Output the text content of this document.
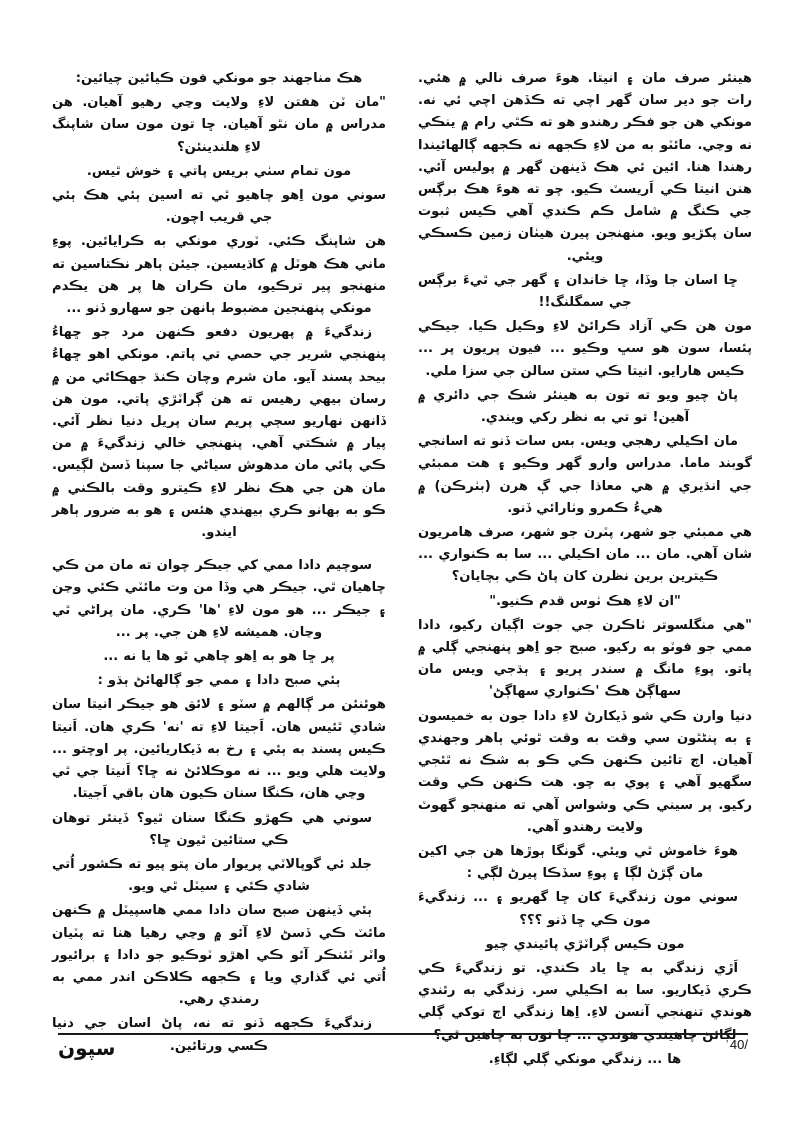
هڪ مناجهند جو مونکي فون ڪيائين چيائين:

"مان ٽن هفتن لاءِ ولايت وڃي رهيو آهيان. هن مدراس ۾ مان نٿو آهيان. ڇا تون مون سان شاپنگ لاءِ هلندينئن؟

مون تمام سٺي بريس پاتي ۽ خوش ٿيس.

سوني مون اِهو چاهيو ٿي ته اسين ٻئي هڪ ٻئي جي قريب اچون.

هن شاپنگ ڪئي. ٽوري مونکي به ڪرايائين. پوءِ ماني هڪ هوٽل ۾ کاڌيسين. جيئن ٻاهر نڪتاسين ته منهنجو پير ترڪيو، مان ڪران ها پر هن يڪدم مونکي پنهنجين مضبوط ٻانهن جو سهارو ڏنو ...

زندگيءَ ۾ پهريون دفعو ڪنهن مرد جو ڇهاءُ پنهنجي شرير جي حصي تي پاتم. مونکي اهو ڇهاءُ بيحد پسند آيو. مان شرم وچان ڪنڌ جهڪائي من ۾ رسان بيهي رهيس ته هن ڳراٽڙي پاتي. مون هن ڏانهن نهاريو سڄي پريم سان پريل دنيا نظر آئي. پيار ۾ شڪتي آهي. پنهنجي خالي زندگيءَ ۾ من ڪي پائي مان مدهوش سياڻي جا سپنا ڏسڻ لڳيس. مان هن جي هڪ نظر لاءِ ڪيترو وقت بالڪني ۾ ڪو به بهانو ڪري بيهندي هئس ۽ هو به ضرور ٻاهر ايندو.

سوچيم دادا ممي کي جيڪر چوان ته مان من ڪي چاهيان ٿي. جيڪر هي وڏا من وت مائٽي ڪئي وڃن ۽ جيڪر ... هو مون لاءِ 'ها' ڪري. مان پراڻي ٿي وڃان. هميشه لاءِ هن جي. پر ...

پر ڇا هو به اِهو چاهي ٿو ها يا نه ...

ٻئي صبح دادا ۽ ممي جو ڳالهائڻ ٻڌو :

هوئنئن مر ڳالهم ۾ سٽو ۽ لائق هو جيڪر انيتا سان شادي ٿئيس هان. اَجيتا لاءِ ته 'نه' ڪري هان. اَنيتا ڪيس پسند به ٻئي ۽ رخ به ڏيکاريائين. پر اوچتو ... ولايت هلي ويو ... نه موڪلائڻ نه ڇا؟ اَنيتا جي ٿي وڃي هان، ڪنگا سنان ڪيون هان باقي اَجيتا.

سوني هي ڪهڙو ڪنگا سنان ٿيو؟ ڏينئر توهان ڪي ستائين ٿيون ڇا؟

جلد ئي گوپالاٽي پريوار مان پتو پيو ته ڪشور اُتي شادي ڪئي ۽ سيٽل ٿي ويو.

ٻئي ڏينهن صبح سان دادا ممي هاسپيٽل ۾ ڪنهن مائٽ ڪي ڏسڻ لاءِ آئو ۾ وڃي رهيا هنا ته پٽيان واٽر ٽئنڪر آئو ڪي اهڙو ٽوڪيو جو دادا ۽ برائيور اُتي ئي گذاري ويا ۽ ڪجهه ڪلاڪن اندر ممي به رمندي رهي.

زندگيءَ ڪجهه ڏنو ته نه، پاڻ اسان جي دنيا ڪسي ورتائين.

هينئر صرف مان ۽ انيتا. هوءَ صرف نالي ۾ هئي. رات جو دير سان گهر اچي ته ڪڏهن اچي ئي نه. مونکي هن جو فڪر رهندو هو ته ڪٿي رام ۾ ينڪي نه وڃي. مائٽو به من لاءِ ڪجهه نه ڪجهه ڳالهائيندا رهندا هنا. ائين ئي هڪ ڏينهن گهر ۾ پوليس آئي. هنن انيتا ڪي اَريسٽ ڪيو. چو ته هوءَ هڪ برڳس جي ڪنگ ۾ شامل ڪم ڪندي آهي ڪيس ثبوت سان پکڙيو ويو. منهنجن پيرن هيٺان زمين ڪسڪي ويئي.

ڇا اسان جا وڏا، ڇا خاندان ۽ گهر جي ٿيءَ برڳس جي سمگلنگ!!

مون هن ڪي آزاد ڪرائڻ لاءِ وڪيل ڪيا. جيڪي پئسا، سون هو سڀ وڪيو ... فيون پريون پر ... ڪيس هارايو. انيتا ڪي ستن سالن جي سزا ملي.

پاڻ چيو ويو ته تون به هينئر شڪ جي دائري ۾ آهين! تو تي به نظر رکي ويندي.

مان اڪيلي رهجي ويس. بس سات ڏنو ته اسانجي گوبند ماما. مدراس وارو گهر وڪيو ۽ هت ممبئي جي انڌيري ۾ هي معاذا جي ڳ هرن (بٺرڪن) ۾ هيءُ ڪمرو وٺارائي ڏنو.

هي ممبئي جو شهر، پٽرن جو شهر، صرف هامريون شان آهي. مان ... مان اڪيلي ... سا به ڪنواري ... ڪيترين برين نظرن کان پاڻ ڪي بچايان؟

"ان لاءِ هڪ ٺوس قدم ڪنيو."

"هي منگلسوتر ٺاڪرن جي جوت اڳيان رکيو، دادا ممي جو فوٽو به رکيو. صبح جو اِهو پنهنجي ڳلي ۾ پاتو. پوءِ مانگ ۾ سندر پريو ۽ ٻڌجي ويس مان سهاڳڻ هڪ 'ڪنواري سهاڳڻ'

دنيا وارن ڪي شو ڏيکارڻ لاءِ دادا جون به خميسون ۽ به پنڻٿون سي وقت به وقت ٿوئي ٻاهر وجهندي آهيان. اڄ تائين ڪنهن ڪي ڪو به شڪ نه ٿئجي سگهيو آهي ۽ پوي به چو. هت ڪنهن ڪي وقت رکيو. پر سيني ڪي وشواس آهي ته منهنجو گهوٽ ولايت رهندو آهي.

هوءَ خاموش ٿي ويئي. گونگا ٻوڙها هن جي اکين مان ڳڙڻ لڳا ۽ پوءِ سڏڪا پيرڻ لڳي :

سوني مون زندگيءَ کان ڇا گهريو ۽ ... زندگيءَ مون ڪي ڇا ڏنو ؟؟؟

مون ڪيس ڳراٽڙي پائيندي چيو

اَڙي زندگي به ڇا ياد ڪندي. تو زندگيءَ ڪي ڪري ڏيکاريو. سا به اڪيلي سر. زندگي به رئندي هوندي تنهنجي آنسن لاءِ. اِها زندگي اڄ توکي ڳلي لڳائڻ چاهيندي هوندي ... ڇا تون به چاهين ٿي؟

ها ... زندگي مونکي ڳلي لڳاءِ.

40/
سپون
